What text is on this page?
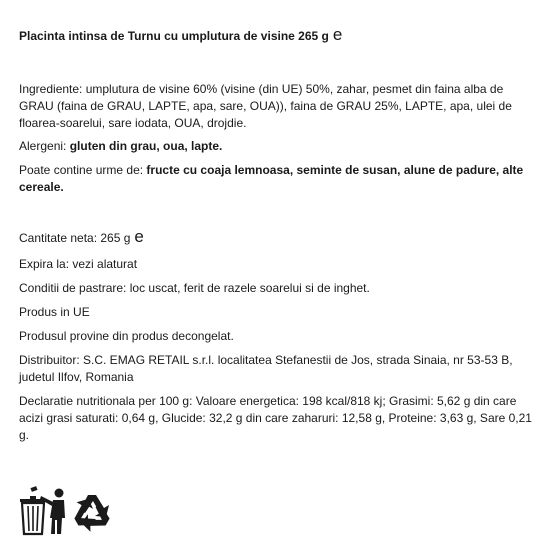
Placinta intinsa de Turnu cu umplutura de visine 265 g e

Ingrediente: umplutura de visine 60% (visine (din UE) 50%, zahar, pesmet din faina alba de GRAU (faina de GRAU, LAPTE, apa, sare, OUA)), faina de GRAU 25%, LAPTE, apa, ulei de floarea-soarelui, sare iodata, OUA, drojdie.

Alergeni: gluten din grau, oua, lapte.

Poate contine urme de: fructe cu coaja lemnoasa, seminte de susan, alune de padure, alte cereale.

Cantitate neta: 265 g e

Expira la: vezi alaturat

Conditii de pastrare: loc uscat, ferit de razele soarelui si de inghet.

Produs in UE

Produsul provine din produs decongelat.

Distribuitor: S.C. EMAG RETAIL s.r.l. localitatea Stefanestii de Jos, strada Sinaia, nr 53-53 B, judetul Ilfov, Romania

Declaratie nutritionala per 100 g: Valoare energetica: 198 kcal/818 kj; Grasimi: 5,62 g din care acizi grasi saturati: 0,64 g, Glucide: 32,2 g din care zaharuri: 12,58 g, Proteine: 3,63 g, Sare 0,21 g.
